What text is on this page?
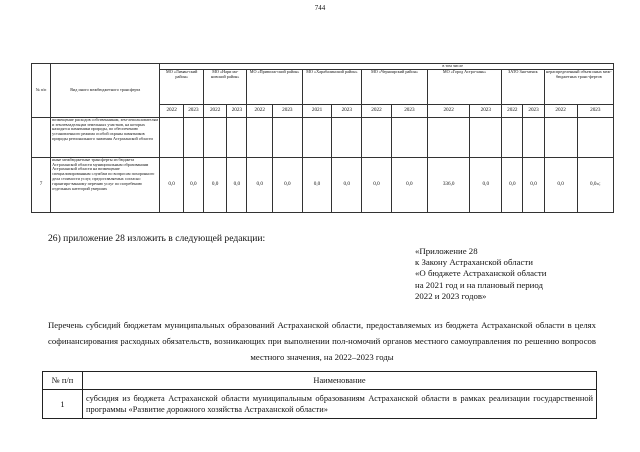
744
№ п/п	Вид иного межбюджетного трансферта	в том числе															
		МО «Лиман-ский район»		МО «Нари ма-новский район»		МО «Приволж-ский район»		МО «Харабалинский район»		МО «Черноярский район»		МО «Город Астра-хань»		ЗАТО Зна-менск		нераспределенный объем иных меж-бюджетных транс-фертов	
		2022	2023	2022	2023	2022	2023	2021	2023	2022	2023	2022	2023	2022	2023	2022	2023
	возмещение расходов собственникам, зем-лепользователям и землевладельцам земельных участков, на которых находятся памятники природы, по обеспечению установленного режима особой охраны памятников природы регионального значения Астраханской области																
7	иные межбюджетные трансферты из бюджета Астраханской области муниципальным образованиям Астраханской области на возмещение специализированным службам по вопросам похоронного дела стоимости услуг, предоставляемых согласно гарантиро-ванному перечню услуг по погребению отдельных категорий умерших	0,0	0,0	0,0	0,0	0,0	0,0	0,0	0,0	0,0	0,0	336,0	0,0	0,0	0,0	0,0	0,0»;
26) приложение 28 изложить в следующей редакции:
«Приложение 28
к Закону Астраханской области
«О бюджете Астраханской области
на 2021 год и на плановый период
2022 и 2023 годов»
Перечень субсидий бюджетам муниципальных образований Астраханской области, предоставляемых из бюджета Астраханской области в целях софинансирования расходных обязательств, возникающих при выполнении пол-номочий органов местного самоуправления по решению вопросов местного значения, на 2022–2023 годы
№ п/п	Наименование
1	субсидия из бюджета Астраханской области муниципальным образованиям Астраханской области в рамках реализации государственной программы «Развитие дорожного хозяйства Астраханской области»
